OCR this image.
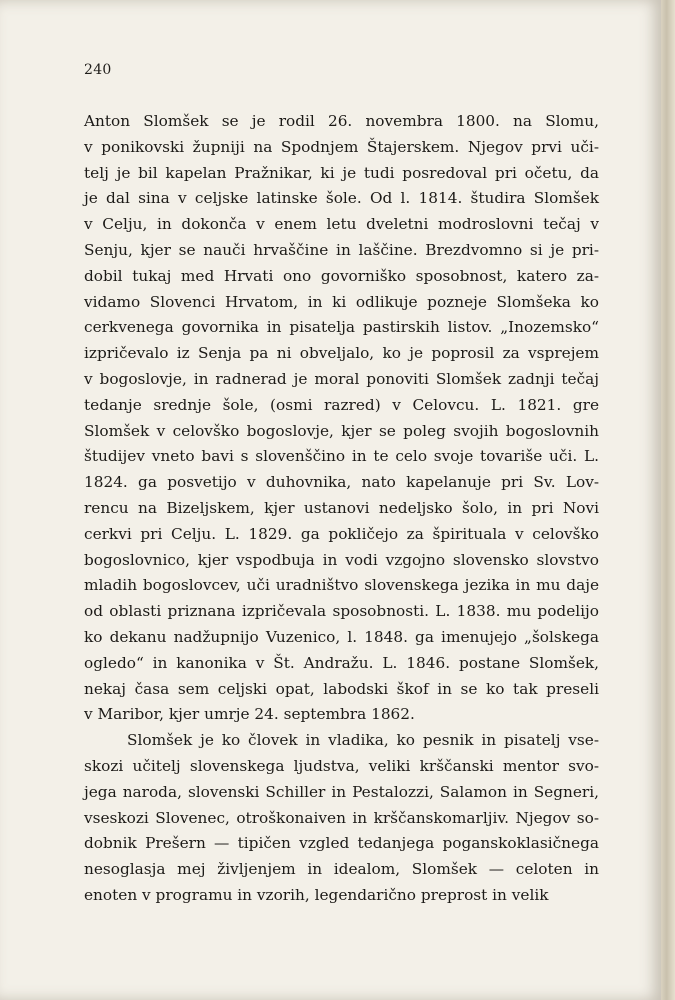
240
Anton Slomšek se je rodil 26. novembra 1800. na Slomu,
v ponikovski župniji na Spodnjem Štajerskem. Njegov prvi uči-
telj je bil kapelan Pražnikar, ki je tudi posredoval pri očetu, da
je dal sina v celjske latinske šole. Od l. 1814. študira Slomšek
v Celju, in dokonča v enem letu dveletni modroslovni tečaj v
Senju, kjer se nauči hrvaščine in laščine. Brezdvomno si je pri-
dobil tukaj med Hrvati ono govorniško sposobnost, katero za-
vidamo Slovenci Hrvatom, in ki odlikuje pozneje Slomšeka ko
cerkvenega govornika in pisatelja pastirskih listov. „Inozemsko“
izpričevalo iz Senja pa ni obveljalo, ko je poprosil za vsprejem
v bogoslovje, in radnerad je moral ponoviti Slomšek zadnji tečaj
tedanje srednje šole, (osmi razred) v Celovcu. L. 1821. gre
Slomšek v celovško bogoslovje, kjer se poleg svojih bogoslovnih
študijev vneto bavi s slovenščino in te celo svoje tovariše uči. L.
1824. ga posvetijo v duhovnika, nato kapelanuje pri Sv. Lov-
rencu na Bizeljskem, kjer ustanovi nedeljsko šolo, in pri Novi
cerkvi pri Celju. L. 1829. ga pokličejo za špirituala v celovško
bogoslovnico, kjer vspodbuja in vodi vzgojno slovensko slovstvo
mladih bogoslovcev, uči uradništvo slovenskega jezika in mu daje
od oblasti priznana izpričevala sposobnosti. L. 1838. mu podelijo
ko dekanu nadžupnijo Vuzenico, l. 1848. ga imenujejo „šolskega
ogledo“ in kanonika v Št. Andražu. L. 1846. postane Slomšek,
nekaj časa sem celjski opat, labodski škof in se ko tak preseli
v Maribor, kjer umrje 24. septembra 1862.
Slomšek je ko človek in vladika, ko pesnik in pisatelj vse-
skozi učitelj slovenskega ljudstva, veliki krščanski mentor svo-
jega naroda, slovenski Schiller in Pestalozzi, Salamon in Segneri,
vseskozi Slovenec, otroškonaiven in krščanskomarljiv. Njegov so-
dobnik Prešern — tipičen vzgled tedanjega poganskoklasičnega
nesoglasja mej življenjem in idealom, Slomšek — celoten in
enoten v programu in vzorih, legendarično preprost in velik
